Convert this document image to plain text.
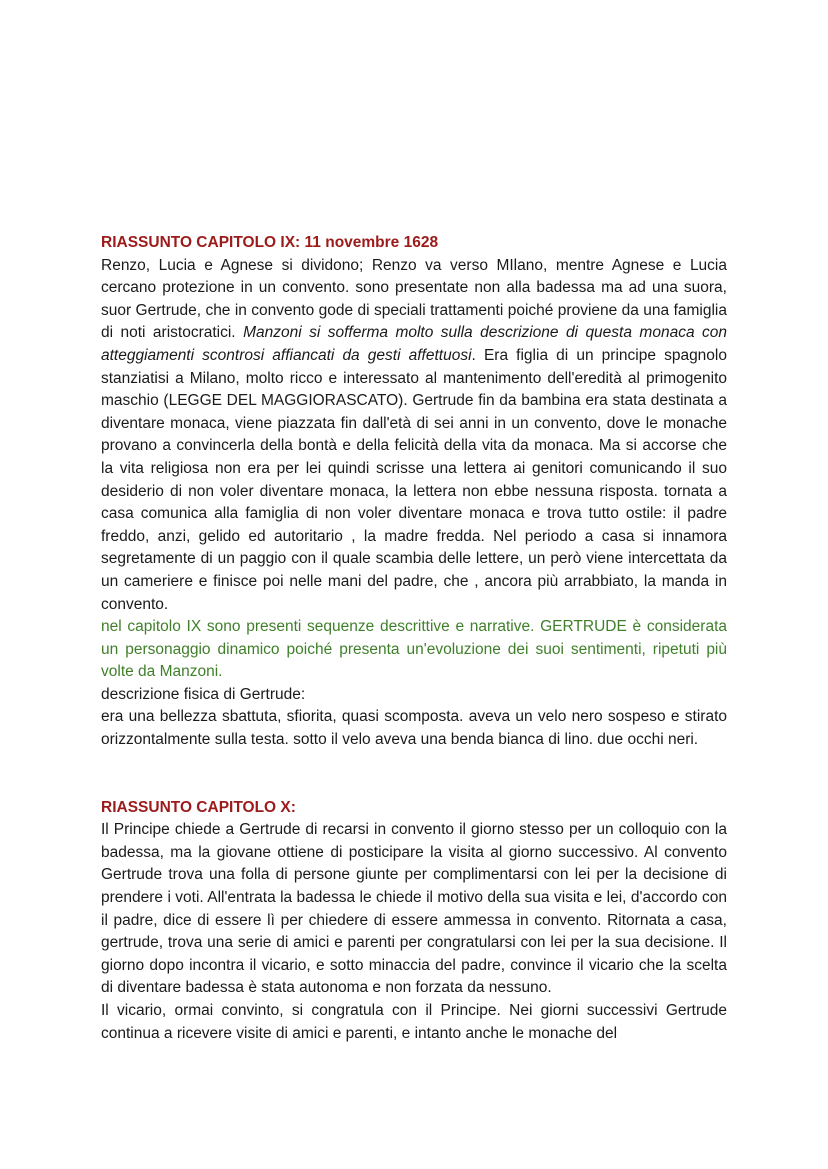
RIASSUNTO CAPITOLO IX: 11 novembre 1628

Renzo, Lucia e Agnese si dividono; Renzo va verso MIlano, mentre Agnese e Lucia cercano protezione in un convento. sono presentate non alla badessa ma ad una suora, suor Gertrude, che in convento gode di speciali trattamenti poiché proviene da una famiglia di noti aristocratici. Manzoni si sofferma molto sulla descrizione di questa monaca con atteggiamenti scontrosi affiancati da gesti affettuosi. Era figlia di un principe spagnolo stanziatisi a Milano, molto ricco e interessato al mantenimento dell'eredità al primogenito maschio (LEGGE DEL MAGGIORASCATO). Gertrude fin da bambina era stata destinata a diventare monaca, viene piazzata fin dall'età di sei anni in un convento, dove le monache provano a convincerla della bontà e della felicità della vita da monaca. Ma si accorse che la vita religiosa non era per lei quindi scrisse una lettera ai genitori comunicando il suo desiderio di non voler diventare monaca, la lettera non ebbe nessuna risposta. tornata a casa comunica alla famiglia di non voler diventare monaca e trova tutto ostile: il padre freddo, anzi, gelido ed autoritario , la madre fredda. Nel periodo a casa si innamora segretamente di un paggio con il quale scambia delle lettere, un però viene intercettata da un cameriere e finisce poi nelle mani del padre, che , ancora più arrabbiato, la manda in convento.

nel capitolo IX sono presenti sequenze descrittive e narrative. GERTRUDE è considerata un personaggio dinamico poiché presenta un'evoluzione dei suoi sentimenti, ripetuti più volte da Manzoni.

descrizione fisica di Gertrude:

era una bellezza sbattuta, sfiorita, quasi scomposta. aveva un velo nero sospeso e stirato orizzontalmente sulla testa. sotto il velo aveva una benda bianca di lino. due occhi neri.

RIASSUNTO CAPITOLO X:

Il Principe chiede a Gertrude di recarsi in convento il giorno stesso per un colloquio con la badessa, ma la giovane ottiene di posticipare la visita al giorno successivo. Al convento Gertrude trova una folla di persone giunte per complimentarsi con lei per la decisione di prendere i voti. All'entrata la badessa le chiede il motivo della sua visita e lei, d'accordo con il padre, dice di essere lì per chiedere di essere ammessa in convento. Ritornata a casa, gertrude, trova una serie di amici e parenti per congratularsi con lei per la sua decisione. Il giorno dopo incontra il vicario, e sotto minaccia del padre, convince il vicario che la scelta di diventare badessa è stata autonoma e non forzata da nessuno.

Il vicario, ormai convinto, si congratula con il Principe. Nei giorni successivi Gertrude continua a ricevere visite di amici e parenti, e intanto anche le monache del
